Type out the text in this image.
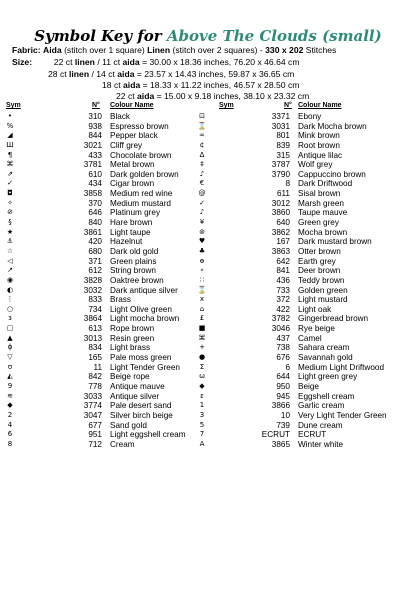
Symbol Key for Above The Clouds (small)
Fabric: Aida (stitch over 1 square) Linen (stitch over 2 squares) - 330 x 202 Stitches
Size:	22 ct linen / 11 ct aida = 30.00 x 18.36 inches, 76.20 x 46.64 cm
28 ct linen / 14 ct aida = 23.57 x 14.43 inches, 59.87 x 36.65 cm
18 ct aida = 18.33 x 11.22 inches, 46.57 x 28.50 cm
22 ct aida = 15.00 x 9.18 inches, 38.10 x 23.32 cm
Sym	N° Colour Name	Sym	N° Colour Name
•	310 Black
%	938 Espresso brown
◢	844 Pepper black
Ш	3021 Cliff grey
¶	433 Chocolate brown
⌘	3781 Metal brown
⇗	610 Dark golden brown
✓	434 Cigar brown
◘	3858 Medium red wine
✧	370 Medium mustard
⊘	646 Platinum grey
§	840 Hare brown
★	3861 Light taupe
⚓	420 Hazelnut
☆	680 Dark old gold
◁	371 Green plains
↗	612 String brown
◉	3828 Oaktree brown
◐	3032 Dark antique silver
⋮	833 Brass
○	734 Light Olive green
ɜ	3864 Light mocha brown
▢	613 Rope brown
▲	3013 Resin green
ɸ	834 Light brass
▽	165 Pale moss green
ʊ	11 Light Tender Green
◭	842 Beige rope
9	778 Antique mauve
≋	3033 Antique silver
◆	3774 Pale desert sand
2	3047 Silver birch beige
4	677 Sand gold
6	951 Light eggshell cream
8	712 Cream
⊡	3371 Ebony
⌛	3031 Dark Mocha brown
∞	801 Mink brown
¢	839 Root brown
∆	315 Antique lilac
‡	3787 Wolf grey
♪	3790 Cappuccino brown
€	8 Dark Driftwood
@	611 Sisal brown
✓	3012 Marsh green
♪	3860 Taupe mauve
¥	640 Green grey
⊚	3862 Mocha brown
♥	167 Dark mustard brown
♣	3863 Otter brown
ɵ	642 Earth grey
∘	841 Deer brown
∷	436 Teddy brown
⌛	733 Golden green
x	372 Light mustard
⌂	422 Light oak
£	3782 Gingerbread brown
■	3046 Rye beige
⌘	437 Camel
+	738 Sahara cream
●	676 Savannah gold
Σ	6 Medium Light Driftwood
ω	644 Light green grey
◆	950 Beige
ɛ	945 Eggshell cream
1	3866 Garlic cream
3	10 Very Light Tender Green
5	739 Dune cream
7	ECRUT ECRUT
A	3865 Winter white
